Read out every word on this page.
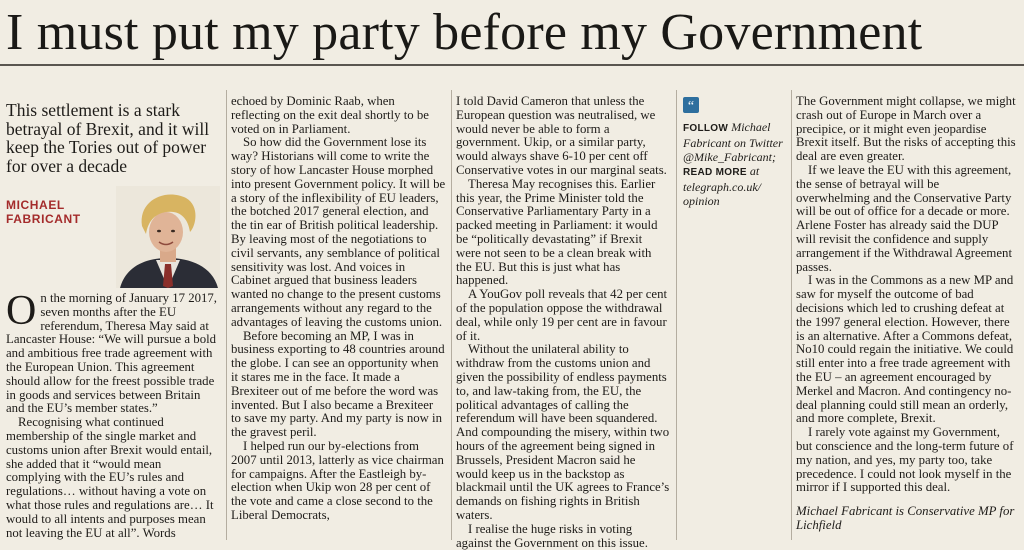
I must put my party before my Government
This settlement is a stark betrayal of Brexit, and it will keep the Tories out of power for over a decade
MICHAEL
FABRICANT

On the morning of January 17 2017, seven months after the EU referendum, Theresa May said at Lancaster House: “We will pursue a bold and ambitious free trade agreement with the European Union. This agreement should allow for the freest possible trade in goods and services between Britain and the EU’s member states.”

Recognising what continued membership of the single market and customs union after Brexit would entail, she added that it “would mean complying with the EU’s rules and regulations… without having a vote on what those rules and regulations are… It would to all intents and purposes mean not leaving the EU at all”. Words

echoed by Dominic Raab, when reflecting on the exit deal shortly to be voted on in Parliament.

So how did the Government lose its way? Historians will come to write the story of how Lancaster House morphed into present Government policy. It will be a story of the inflexibility of EU leaders, the botched 2017 general election, and the tin ear of British political leadership. By leaving most of the negotiations to civil servants, any semblance of political sensitivity was lost. And voices in Cabinet argued that business leaders wanted no change to the present customs arrangements without any regard to the advantages of leaving the customs union.

Before becoming an MP, I was in business exporting to 48 countries around the globe. I can see an opportunity when it stares me in the face. It made a Brexiteer out of me before the word was invented. But I also became a Brexiteer to save my party. And my party is now in the gravest peril.

I helped run our by-elections from 2007 until 2013, latterly as vice chairman for campaigns. After the Eastleigh by-election when Ukip won 28 per cent of the vote and came a close second to the Liberal Democrats,

I told David Cameron that unless the European question was neutralised, we would never be able to form a government. Ukip, or a similar party, would always shave 6-10 per cent off Conservative votes in our marginal seats.

Theresa May recognises this. Earlier this year, the Prime Minister told the Conservative Parliamentary Party in a packed meeting in Parliament: it would be “politically devastating” if Brexit were not seen to be a clean break with the EU. But this is just what has happened.

A YouGov poll reveals that 42 per cent of the population oppose the withdrawal deal, while only 19 per cent are in favour of it.

Without the unilateral ability to withdraw from the customs union and given the possibility of endless payments to, and law-taking from, the EU, the political advantages of calling the referendum will have been squandered. And compounding the misery, within two hours of the agreement being signed in Brussels, President Macron said he would keep us in the backstop as blackmail until the UK agrees to France’s demands on fishing rights in British waters.

I realise the huge risks in voting against the Government on this issue.

“
FOLLOW Michael Fabricant on Twitter @Mike_Fabricant; READ MORE at telegraph.co.uk/ opinion

The Government might collapse, we might crash out of Europe in March over a precipice, or it might even jeopardise Brexit itself. But the risks of accepting this deal are even greater.

If we leave the EU with this agreement, the sense of betrayal will be overwhelming and the Conservative Party will be out of office for a decade or more. Arlene Foster has already said the DUP will revisit the confidence and supply arrangement if the Withdrawal Agreement passes.

I was in the Commons as a new MP and saw for myself the outcome of bad decisions which led to crushing defeat at the 1997 general election. However, there is an alternative. After a Commons defeat, No10 could regain the initiative. We could still enter into a free trade agreement with the EU – an agreement encouraged by Merkel and Macron. And contingency no-deal planning could still mean an orderly, and more complete, Brexit.

I rarely vote against my Government, but conscience and the long-term future of my nation, and yes, my party too, take precedence. I could not look myself in the mirror if I supported this deal.

Michael Fabricant is Conservative MP for Lichfield
